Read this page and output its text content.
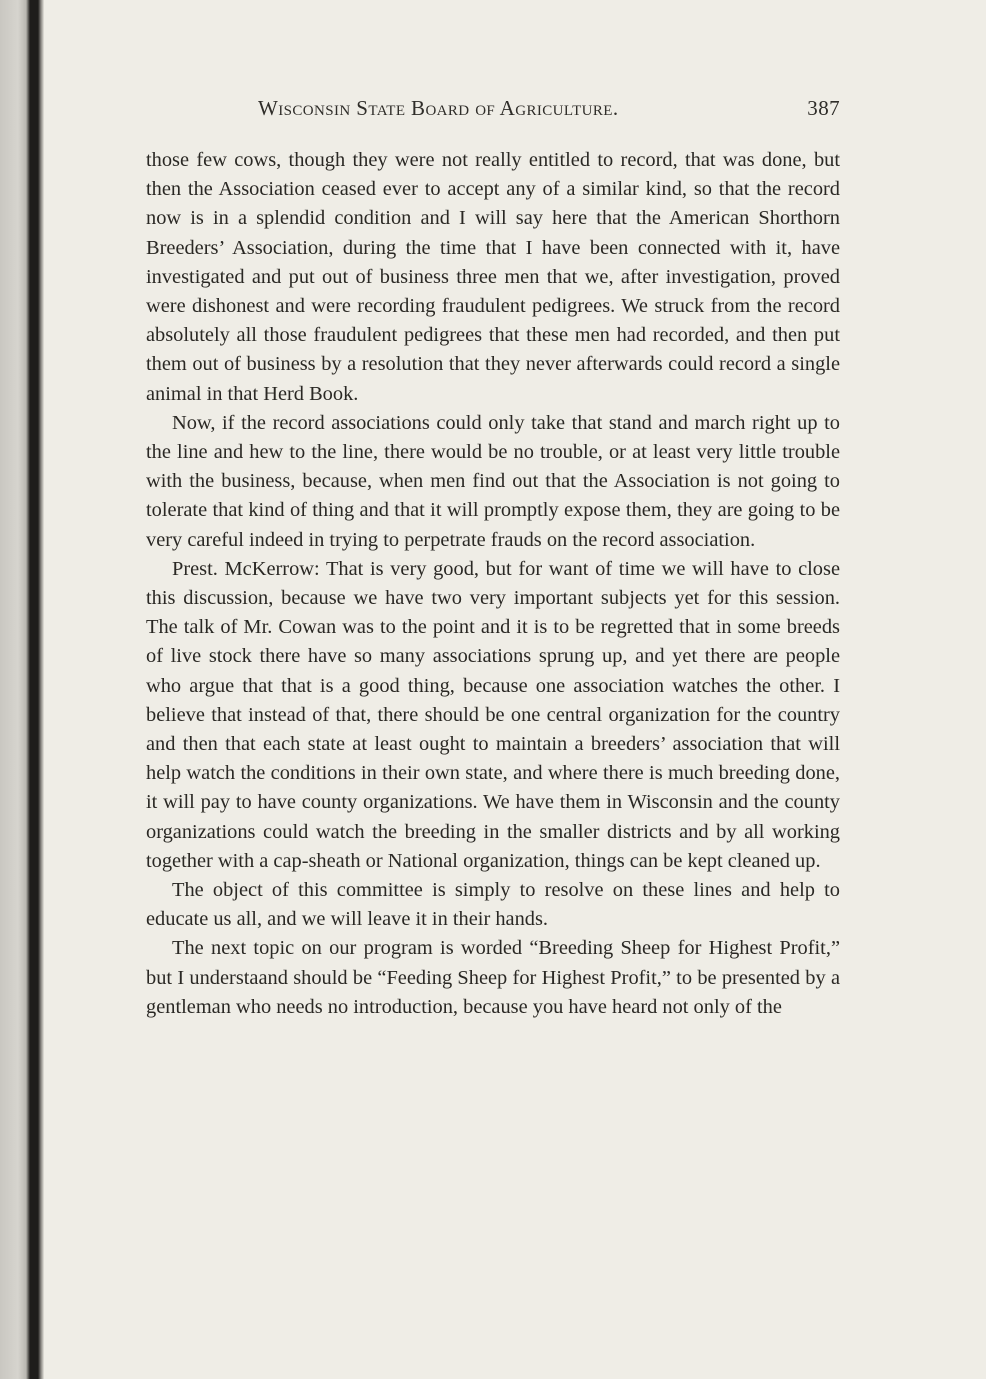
Wisconsin State Board of Agriculture.	387

those few cows, though they were not really entitled to record, that was done, but then the Association ceased ever to accept any of a similar kind, so that the record now is in a splendid condition and I will say here that the American Shorthorn Breeders’ Association, during the time that I have been connected with it, have investigated and put out of business three men that we, after investigation, proved were dishonest and were recording fraudulent pedigrees. We struck from the record absolutely all those fraudulent pedigrees that these men had recorded, and then put them out of business by a resolution that they never afterwards could record a single animal in that Herd Book.

Now, if the record associations could only take that stand and march right up to the line and hew to the line, there would be no trouble, or at least very little trouble with the business, because, when men find out that the Association is not going to tolerate that kind of thing and that it will promptly expose them, they are going to be very careful indeed in trying to perpetrate frauds on the record association.

Prest. McKerrow: That is very good, but for want of time we will have to close this discussion, because we have two very important subjects yet for this session. The talk of Mr. Cowan was to the point and it is to be regretted that in some breeds of live stock there have so many associations sprung up, and yet there are people who argue that that is a good thing, because one association watches the other. I believe that instead of that, there should be one central organization for the country and then that each state at least ought to maintain a breeders’ association that will help watch the conditions in their own state, and where there is much breeding done, it will pay to have county organizations. We have them in Wisconsin and the county organizations could watch the breeding in the smaller districts and by all working together with a cap-sheath or National organization, things can be kept cleaned up.

The object of this committee is simply to resolve on these lines and help to educate us all, and we will leave it in their hands.

The next topic on our program is worded “Breeding Sheep for Highest Profit,” but I understaand should be “Feeding Sheep for Highest Profit,” to be presented by a gentleman who needs no introduction, because you have heard not only of the
